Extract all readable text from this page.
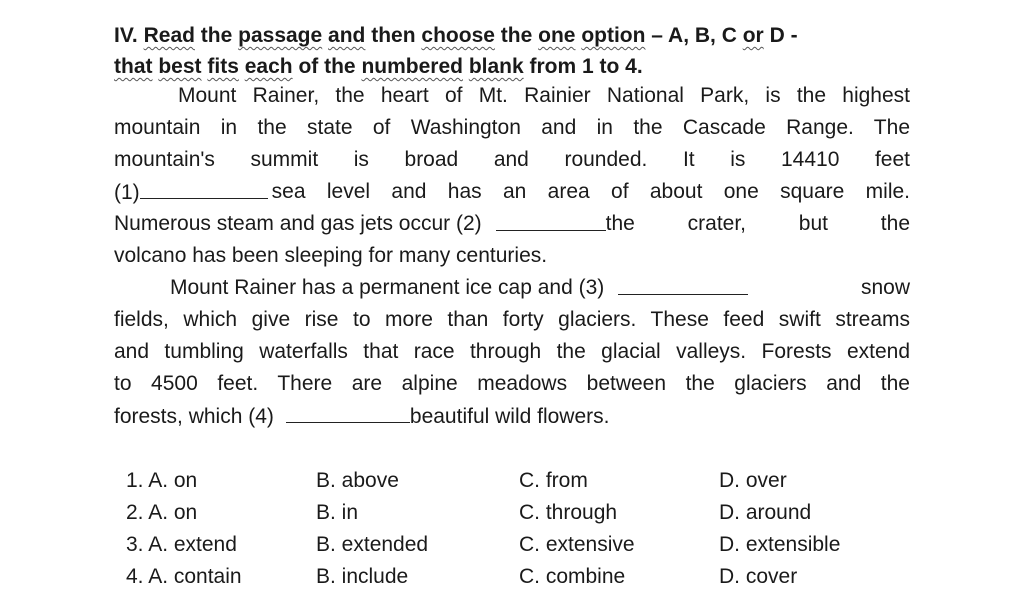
IV. Read the passage and then choose the one option – A, B, C or D -
that best fits each of the numbered blank from 1 to 4.
Mount Rainer, the heart of Mt. Rainier National Park, is the highest
mountain in the state of Washington and in the Cascade Range. The
mountain's summit is broad and rounded. It is 14410 feet
(1)	sea level and has an area of about one square mile.
Numerous steam and gas jets occur (2)	the crater, but the
volcano has been sleeping for many centuries.
Mount Rainer has a permanent ice cap and (3)	snow
fields, which give rise to more than forty glaciers. These feed swift streams
and tumbling waterfalls that race through the glacial valleys. Forests extend
to 4500 feet. There are alpine meadows between the glaciers and the
forests, which (4)	beautiful wild flowers.
1. A. on	B. above	C. from	D. over
2. A. on	B. in	C. through	D. around
3. A. extend	B. extended	C. extensive	D. extensible
4. A. contain	B. include	C. combine	D. cover
